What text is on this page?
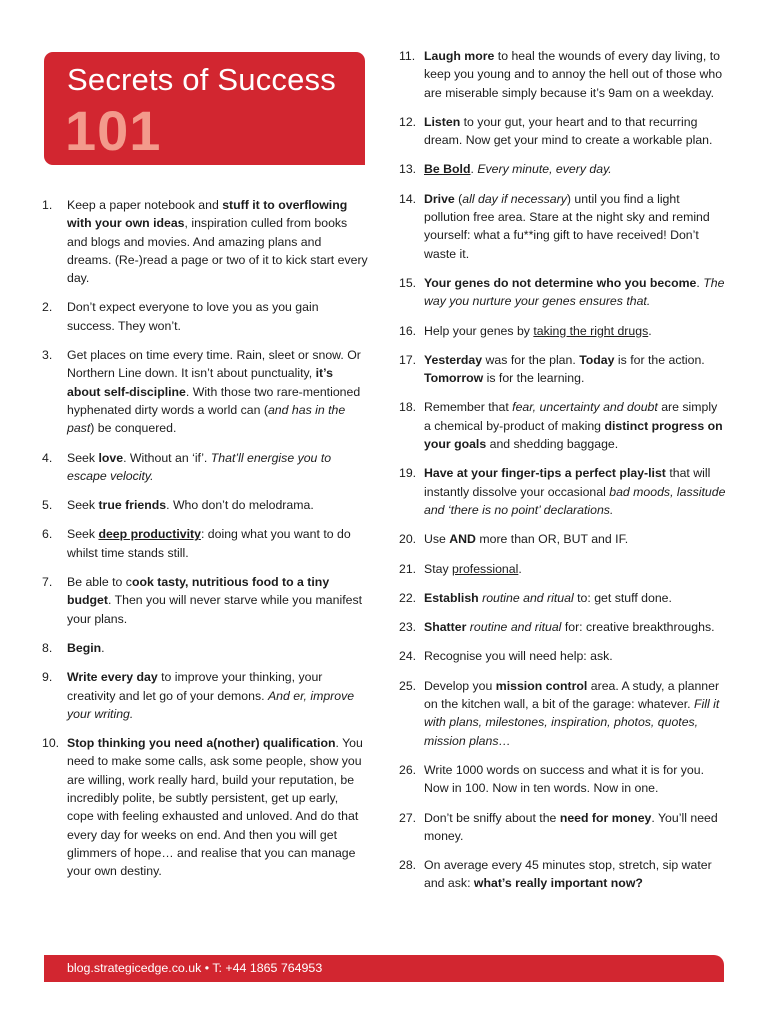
Secrets of Success
101
1. Keep a paper notebook and stuff it to overflowing with your own ideas, inspiration culled from books and blogs and movies. And amazing plans and dreams. (Re-)read a page or two of it to kick start every day.
2. Don’t expect everyone to love you as you gain success. They won’t.
3. Get places on time every time. Rain, sleet or snow. Or Northern Line down. It isn’t about punctuality, it’s about self-discipline. With those two rare-mentioned hyphenated dirty words a world can (and has in the past) be conquered.
4. Seek love. Without an ‘if’. That’ll energise you to escape velocity.
5. Seek true friends. Who don’t do melodrama.
6. Seek deep productivity: doing what you want to do whilst time stands still.
7. Be able to cook tasty, nutritious food to a tiny budget. Then you will never starve while you manifest your plans.
8. Begin.
9. Write every day to improve your thinking, your creativity and let go of your demons. And er, improve your writing.
10. Stop thinking you need a(nother) qualification. You need to make some calls, ask some people, show you are willing, work really hard, build your reputation, be incredibly polite, be subtly persistent, get up early, cope with feeling exhausted and unloved. And do that every day for weeks on end. And then you will get glimmers of hope… and realise that you can manage your own destiny.
11. Laugh more to heal the wounds of every day living, to keep you young and to annoy the hell out of those who are miserable simply because it’s 9am on a weekday.
12. Listen to your gut, your heart and to that recurring dream. Now get your mind to create a workable plan.
13. Be Bold. Every minute, every day.
14. Drive (all day if necessary) until you find a light pollution free area. Stare at the night sky and remind yourself: what a fu**ing gift to have received! Don’t waste it.
15. Your genes do not determine who you become. The way you nurture your genes ensures that.
16. Help your genes by taking the right drugs.
17. Yesterday was for the plan. Today is for the action. Tomorrow is for the learning.
18. Remember that fear, uncertainty and doubt are simply a chemical by-product of making distinct progress on your goals and shedding baggage.
19. Have at your finger-tips a perfect play-list that will instantly dissolve your occasional bad moods, lassitude and ‘there is no point’ declarations.
20. Use AND more than OR, BUT and IF.
21. Stay professional.
22. Establish routine and ritual to: get stuff done.
23. Shatter routine and ritual for: creative breakthroughs.
24. Recognise you will need help: ask.
25. Develop you mission control area. A study, a planner on the kitchen wall, a bit of the garage: whatever. Fill it with plans, milestones, inspiration, photos, quotes, mission plans…
26. Write 1000 words on success and what it is for you. Now in 100. Now in ten words. Now in one.
27. Don’t be sniffy about the need for money. You’ll need money.
28. On average every 45 minutes stop, stretch, sip water and ask: what’s really important now?
blog.strategicedge.co.uk • T: +44 1865 764953
